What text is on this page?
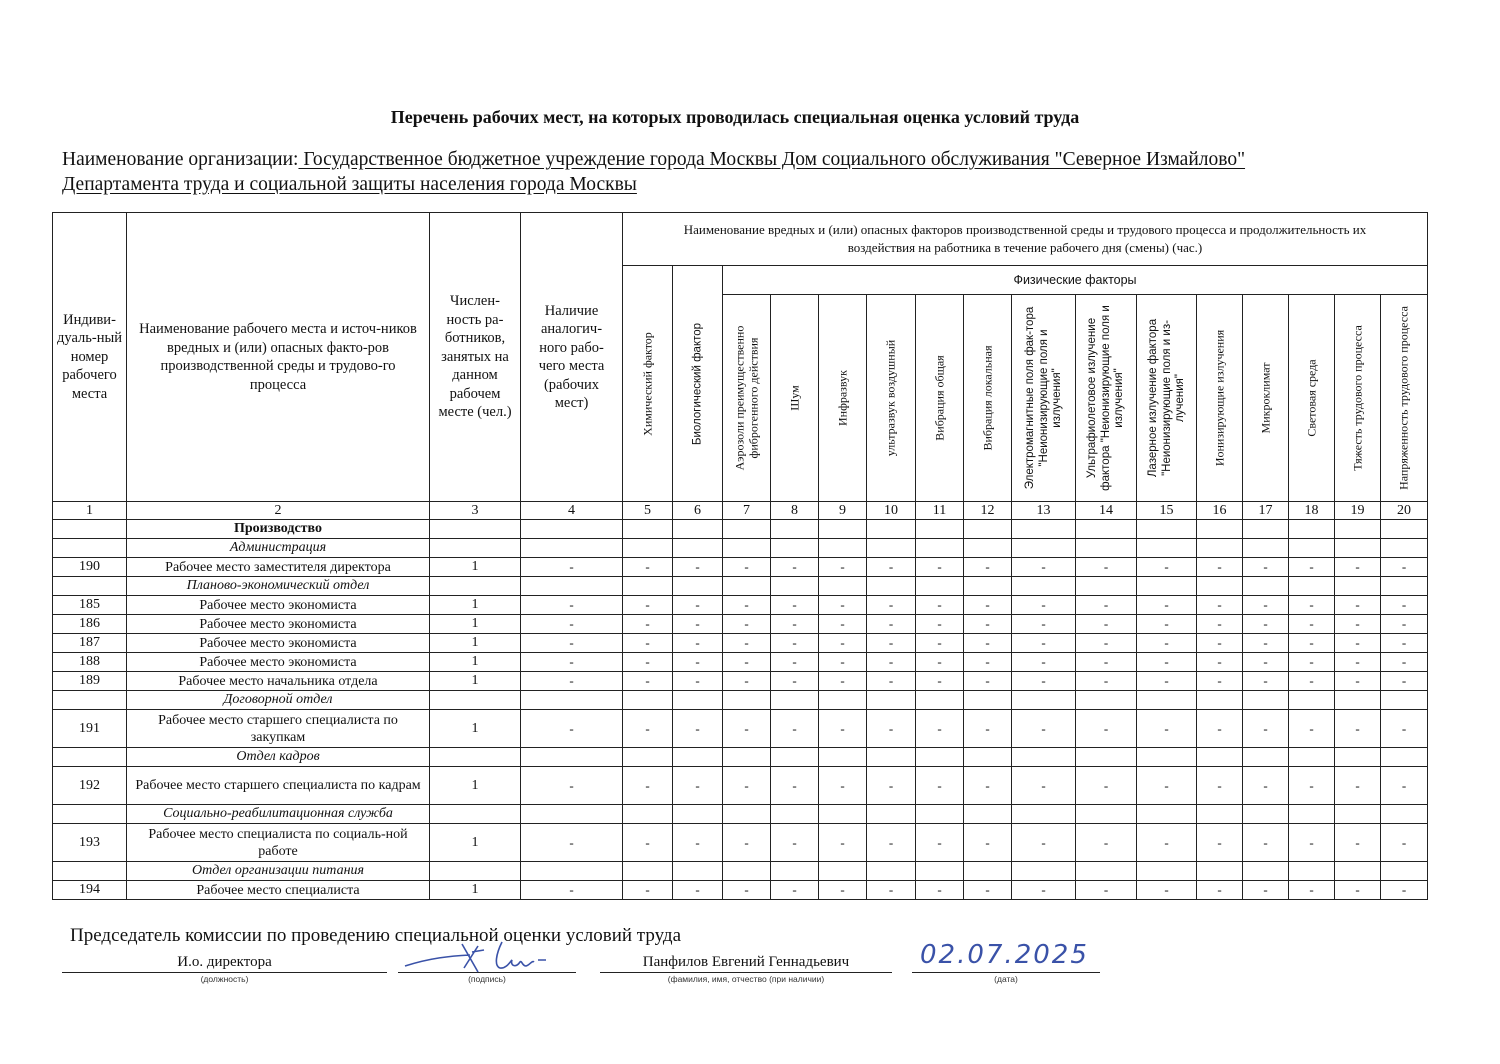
Перечень рабочих мест, на которых проводилась специальная оценка условий труда
Наименование организации: Государственное бюджетное учреждение города Москвы Дом социального обслуживания "Северное Измайлово"
Департамента труда и социальной защиты населения города Москвы
Индиви-дуаль-ный номер рабочего места	Наименование рабочего места и источ-ников вредных и (или) опасных факто-ров производственной среды и трудово-го процесса	Числен-ность ра-ботников, занятых на данном рабочем месте (чел.)	Наличие аналогич-ного рабо-чего места (рабочих мест)	Наименование вредных и (или) опасных факторов производственной среды и трудового процесса и продолжительность их воздействия на работника в течение рабочего дня (смены) (час.)															

				Химический фактор	Биологический фактор	Физические факторы													

						Аэрозоли преимущественно фиброгенного действия	Шум	Инфразвук	ультразвук воздушный	Вибрация общая	Вибрация локальная	Электромагнитные поля фак-тора "Неионизирующие поля и излучения"	Ультрафиолетовое излучение фактора "Неионизирующие поля и излучения"	Лазерное излучение фактора "Неионизирующие поля и из-лучения"	Ионизирующие излучения	Микроклимат	Световая среда	Тяжесть трудового процесса	Напряженность трудового процесса

1	2	3	4	5	6	7	8	9	10	11	12	13	14	15	16	17	18	19	20
	Производство																		
	Администрация																		
190	Рабочее место заместителя директора	1	-	-	-	-	-	-	-	-	-	-	-	-	-	-	-	-	-
	Планово-экономический отдел																		
185	Рабочее место экономиста	1	-	-	-	-	-	-	-	-	-	-	-	-	-	-	-	-	-
186	Рабочее место экономиста	1	-	-	-	-	-	-	-	-	-	-	-	-	-	-	-	-	-
187	Рабочее место экономиста	1	-	-	-	-	-	-	-	-	-	-	-	-	-	-	-	-	-
188	Рабочее место экономиста	1	-	-	-	-	-	-	-	-	-	-	-	-	-	-	-	-	-
189	Рабочее место начальника отдела	1	-	-	-	-	-	-	-	-	-	-	-	-	-	-	-	-	-
	Договорной отдел																		
191	Рабочее место старшего специалиста по закупкам	1	-	-	-	-	-	-	-	-	-	-	-	-	-	-	-	-	-
	Отдел кадров																		
192	Рабочее место старшего специалиста по кадрам	1	-	-	-	-	-	-	-	-	-	-	-	-	-	-	-	-	-
	Социально-реабилитационная служба																		
193	Рабочее место специалиста по социаль-ной работе	1	-	-	-	-	-	-	-	-	-	-	-	-	-	-	-	-	-
	Отдел организации питания																		
194	Рабочее место специалиста	1	-	-	-	-	-	-	-	-	-	-	-	-	-	-	-	-	-
Председатель комиссии по проведению специальной оценки условий труда
И.о. директора
(должность)	(подпись)
Панфилов Евгений Геннадьевич
(фамилия, имя, отчество (при наличии)	(дата)
02.07.2025
